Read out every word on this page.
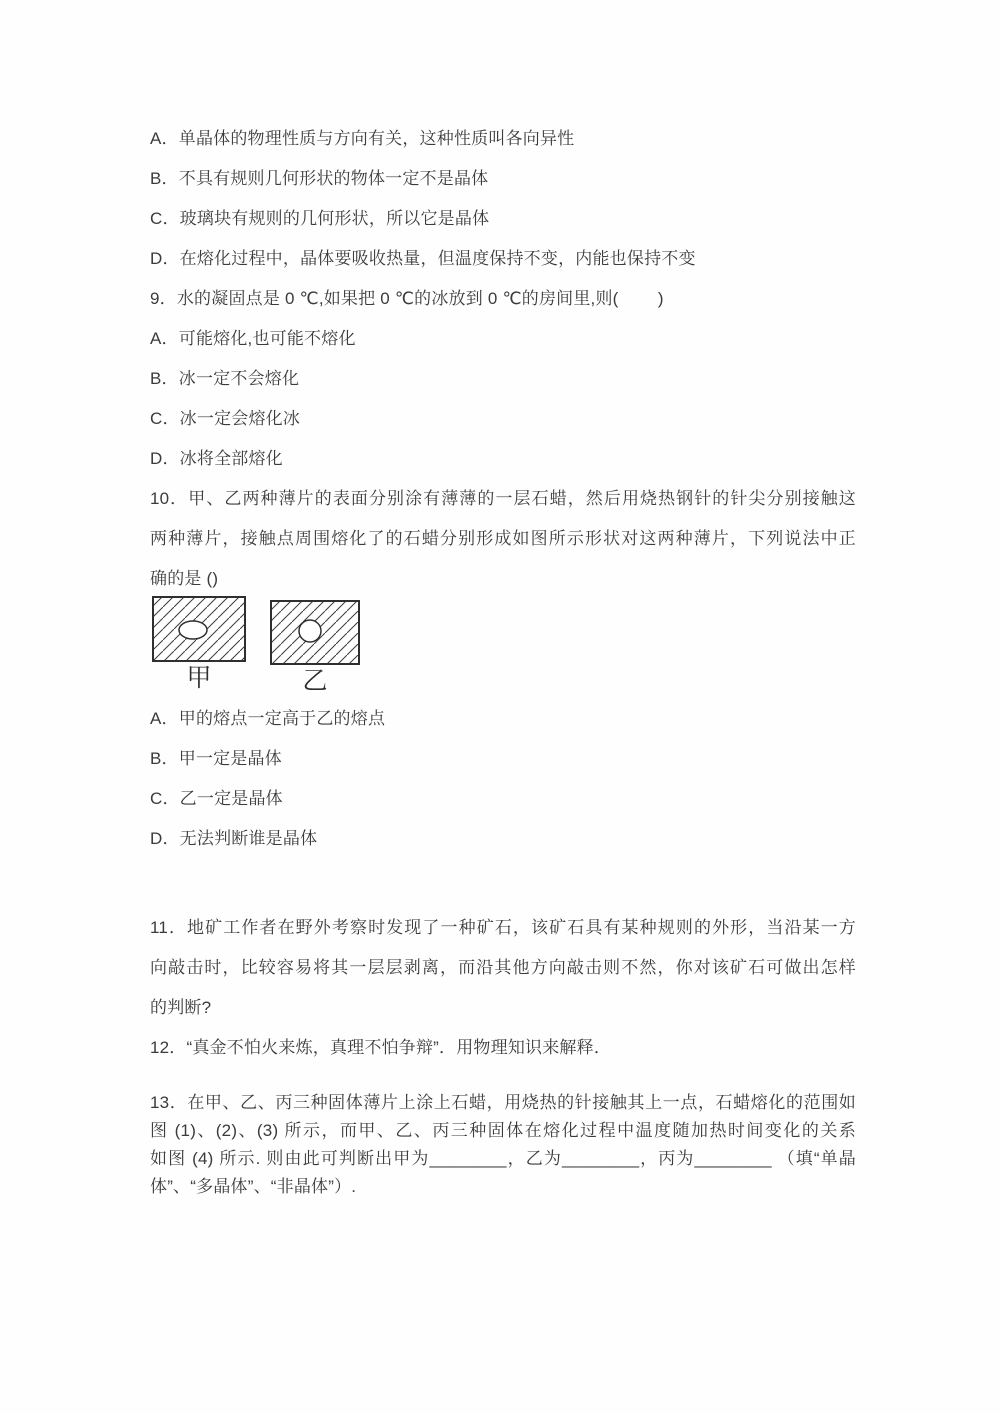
A．单晶体的物理性质与方向有关，这种性质叫各向异性
B．不具有规则几何形状的物体一定不是晶体
C．玻璃块有规则的几何形状，所以它是晶体
D．在熔化过程中，晶体要吸收热量，但温度保持不变，内能也保持不变
9．水的凝固点是 0 ℃,如果把 0 ℃的冰放到 0 ℃的房间里,则(        )
A．可能熔化,也可能不熔化
B．冰一定不会熔化
C．冰一定会熔化冰
D．冰将全部熔化
10．甲、乙两种薄片的表面分别涂有薄薄的一层石蜡，然后用烧热钢针的针尖分别接触这
两种薄片，接触点周围熔化了的石蜡分别形成如图所示形状对这两种薄片，下列说法中正
确的是 ()
甲	乙
A．甲的熔点一定高于乙的熔点
B．甲一定是晶体
C．乙一定是晶体
D．无法判断谁是晶体
11．地矿工作者在野外考察时发现了一种矿石，该矿石具有某种规则的外形，当沿某一方
向敲击时，比较容易将其一层层剥离，而沿其他方向敲击则不然，你对该矿石可做出怎样
的判断?
12．“真金不怕火来炼，真理不怕争辩”．用物理知识来解释．
13．在甲、乙、丙三种固体薄片上涂上石蜡，用烧热的针接触其上一点，石蜡熔化的范围如
图 (1)、(2)、(3) 所示，而甲、乙、丙三种固体在熔化过程中温度随加热时间变化的关系
如图 (4) 所示. 则由此可判断出甲为________，乙为________，丙为________ （填“单晶
体”、“多晶体”、“非晶体”）.
